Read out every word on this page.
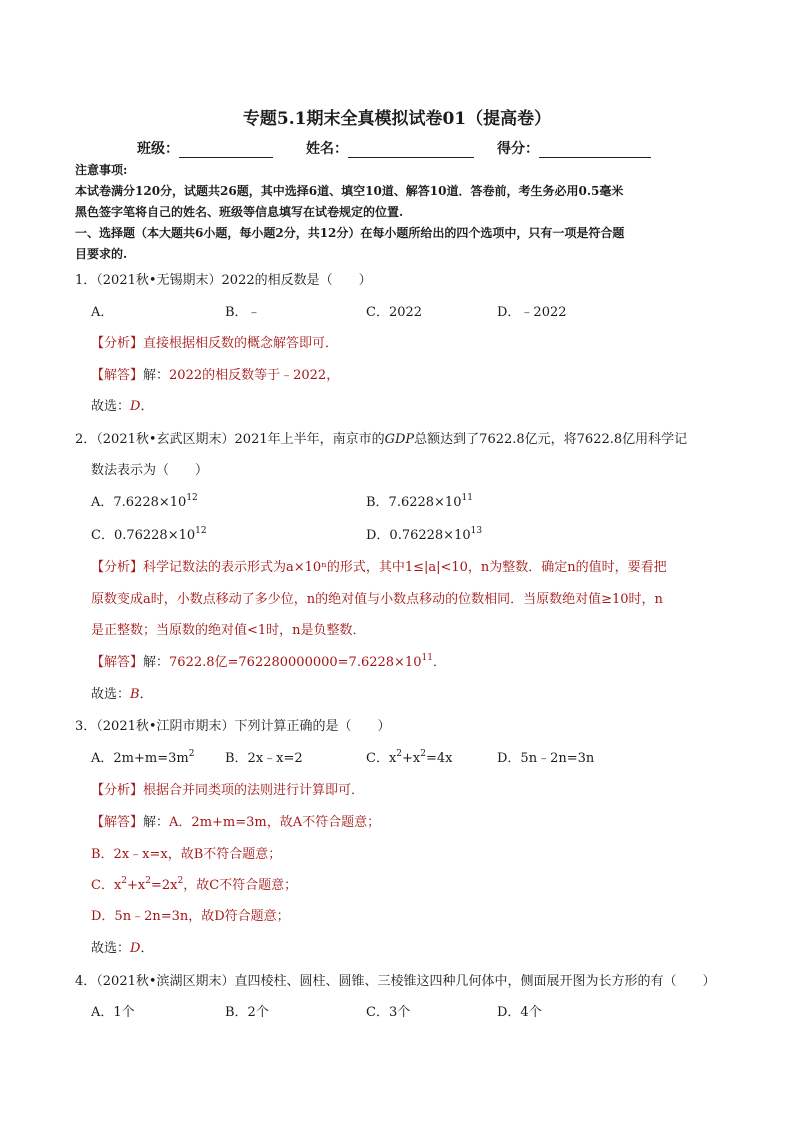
专题5.1期末全真模拟试卷01（提高卷）
班级：	姓名：	得分：
注意事项:
本试卷满分120分，试题共26题，其中选择6道、填空10道、解答10道．答卷前，考生务必用0.5毫米
黑色签字笔将自己的姓名、班级等信息填写在试卷规定的位置.
一、选择题（本大题共6小题，每小题2分，共12分）在每小题所给出的四个选项中，只有一项是符合题
目要求的.
1．（2021秋•无锡期末）2022的相反数是（　　）
A．	B．﹣	C．2022	D．﹣2022
【分析】直接根据相反数的概念解答即可．
【解答】解：2022的相反数等于﹣2022，
故选：D．
2．（2021秋•玄武区期末）2021年上半年，南京市的GDP总额达到了7622.8亿元，将7622.8亿用科学记
数法表示为（　　）
A．$7.6228\times 10^{12}$	B．$7.6228\times 10^{11}$
C．$0.76228\times 10^{12}$	D．$0.76228\times 10^{13}$
【分析】科学记数法的表示形式为a×10ⁿ的形式，其中1≤|a|<10，n为整数．确定n的值时，要看把
原数变成a时，小数点移动了多少位，n的绝对值与小数点移动的位数相同．当原数绝对值≥10时，n
是正整数；当原数的绝对值<1时，n是负整数．
【解答】解：7622.8亿$=762280000000=7.6228\times 10^{11}$．
故选：B．
3．（2021秋•江阴市期末）下列计算正确的是（　　）
A．$2m+m=3m^2$ B．2x﹣x=2	C．$x^2+x^2=4x$	D．5n﹣2n=3n
【分析】根据合并同类项的法则进行计算即可．
【解答】解：A．2m+m=3m，故A不符合题意；
B．2x﹣x=x，故B不符合题意；
C．$x^2+x^2=2x^2$，故C不符合题意；
D．5n﹣2n=3n，故D符合题意；
故选：D．
4．（2021秋•滨湖区期末）直四棱柱、圆柱、圆锥、三棱锥这四种几何体中，侧面展开图为长方形的有（　　）
A．1个	B．2个	C．3个	D．4个
